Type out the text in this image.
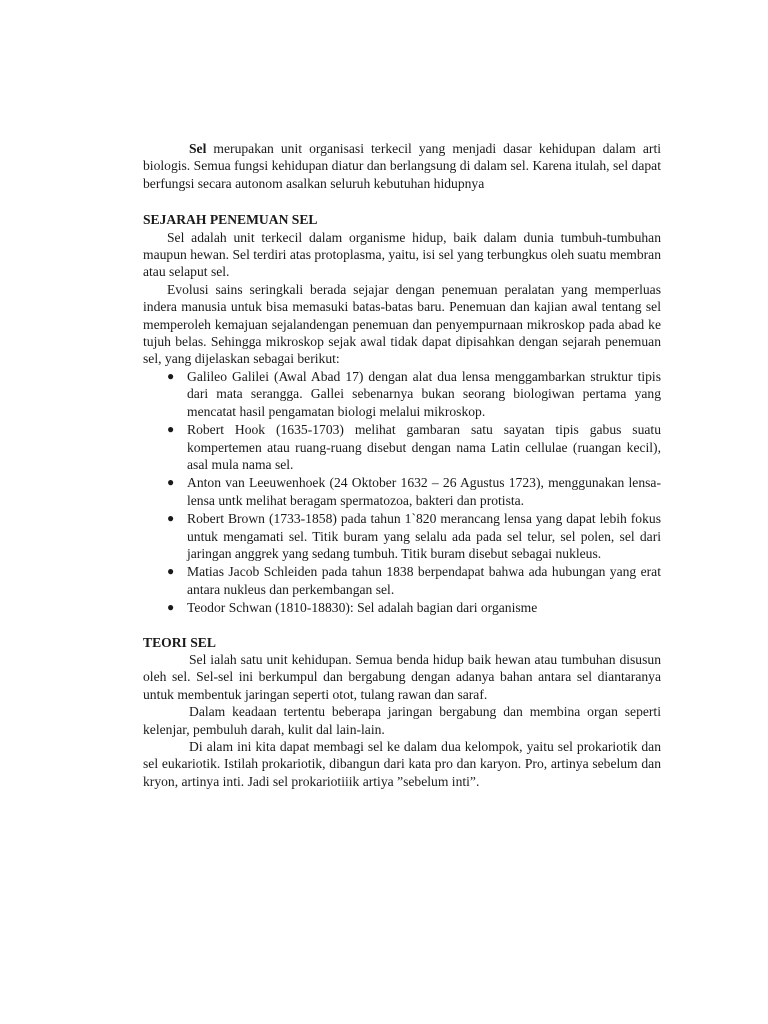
Sel merupakan unit organisasi terkecil yang menjadi dasar kehidupan dalam arti biologis. Semua fungsi kehidupan diatur dan berlangsung di dalam sel. Karena itulah, sel dapat berfungsi secara autonom asalkan seluruh kebutuhan hidupnya

SEJARAH PENEMUAN SEL

Sel adalah unit terkecil dalam organisme hidup, baik dalam dunia tumbuh-tumbuhan maupun hewan. Sel terdiri atas protoplasma, yaitu, isi sel yang terbungkus oleh suatu membran atau selaput sel.

Evolusi sains seringkali berada sejajar dengan penemuan peralatan yang memperluas indera manusia untuk bisa memasuki batas-batas baru. Penemuan dan kajian awal tentang sel memperoleh kemajuan sejalandengan penemuan dan penyempurnaan mikroskop pada abad ke tujuh belas. Sehingga mikroskop sejak awal tidak dapat dipisahkan dengan sejarah penemuan sel, yang dijelaskan sebagai berikut:

● Galileo Galilei (Awal Abad 17) dengan alat dua lensa menggambarkan struktur tipis dari mata serangga. Gallei sebenarnya bukan seorang biologiwan pertama yang mencatat hasil pengamatan biologi melalui mikroskop.
● Robert Hook (1635-1703) melihat gambaran satu sayatan tipis gabus suatu kompertemen atau ruang-ruang disebut dengan nama Latin cellulae (ruangan kecil), asal mula nama sel.
● Anton van Leeuwenhoek (24 Oktober 1632 – 26 Agustus 1723), menggunakan lensa-lensa untk melihat beragam spermatozoa, bakteri dan protista.
● Robert Brown (1733-1858) pada tahun 1`820 merancang lensa yang dapat lebih fokus untuk mengamati sel. Titik buram yang selalu ada pada sel telur, sel polen, sel dari jaringan anggrek yang sedang tumbuh. Titik buram disebut sebagai nukleus.
● Matias Jacob Schleiden pada tahun 1838 berpendapat bahwa ada hubungan yang erat antara nukleus dan perkembangan sel.
● Teodor Schwan (1810-18830): Sel adalah bagian dari organisme
TEORI SEL

Sel ialah satu unit kehidupan. Semua benda hidup baik hewan atau tumbuhan disusun oleh sel. Sel-sel ini berkumpul dan bergabung dengan adanya bahan antara sel diantaranya untuk membentuk jaringan seperti otot, tulang rawan dan saraf.

Dalam keadaan tertentu beberapa jaringan bergabung dan membina organ seperti kelenjar, pembuluh darah, kulit dal lain-lain.

Di alam ini kita dapat membagi sel ke dalam dua kelompok, yaitu sel prokariotik dan sel eukariotik. Istilah prokariotik, dibangun dari kata pro dan karyon. Pro, artinya sebelum dan kryon, artinya inti. Jadi sel prokariotiiik artiya ”sebelum inti”.
